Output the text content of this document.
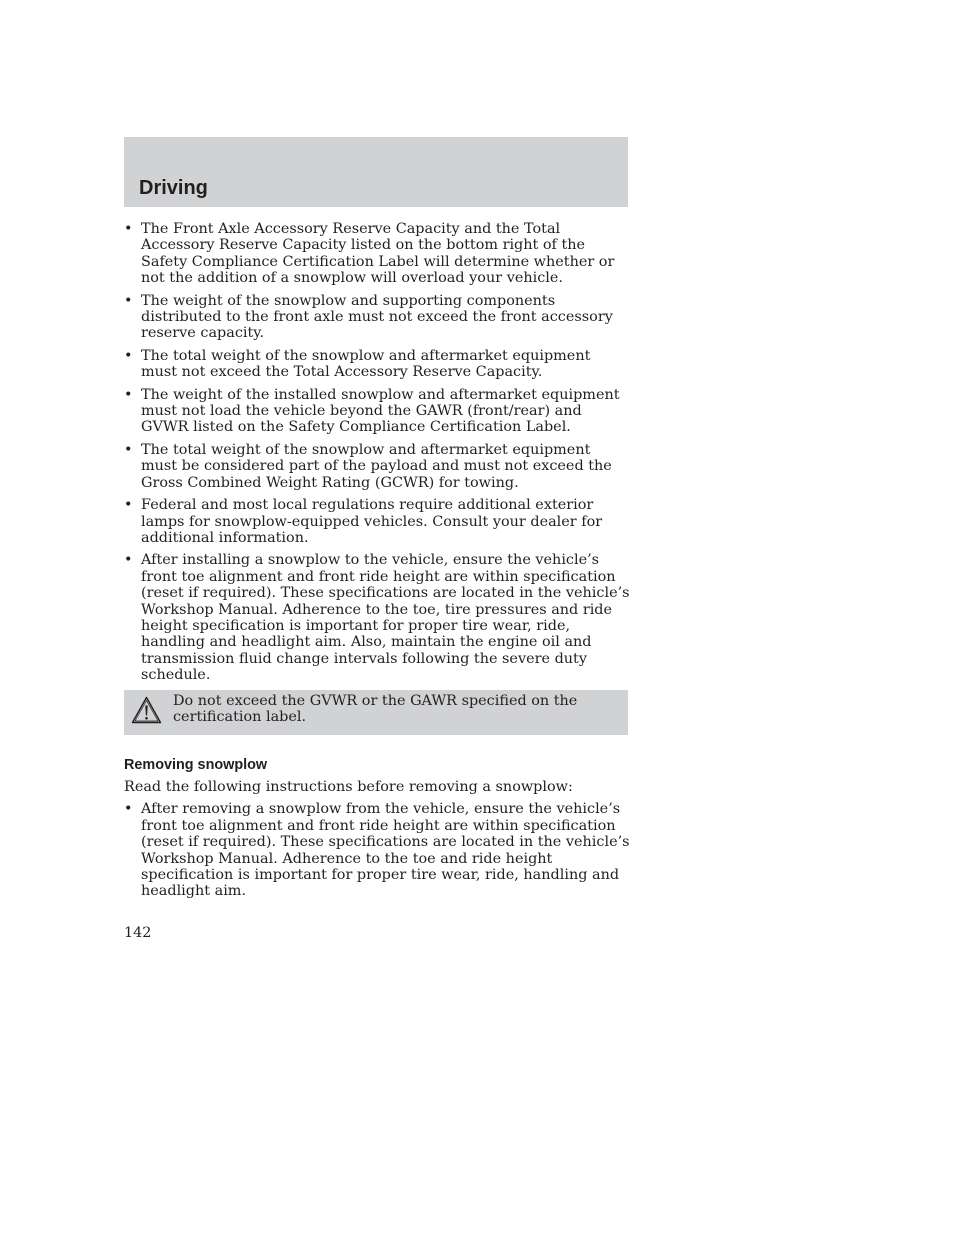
Driving
• The Front Axle Accessory Reserve Capacity and the Total Accessory Reserve Capacity listed on the bottom right of the Safety Compliance Certification Label will determine whether or not the addition of a snowplow will overload your vehicle.
• The weight of the snowplow and supporting components distributed to the front axle must not exceed the front accessory reserve capacity.
• The total weight of the snowplow and aftermarket equipment must not exceed the Total Accessory Reserve Capacity.
• The weight of the installed snowplow and aftermarket equipment must not load the vehicle beyond the GAWR (front/rear) and GVWR listed on the Safety Compliance Certification Label.
• The total weight of the snowplow and aftermarket equipment must be considered part of the payload and must not exceed the Gross Combined Weight Rating (GCWR) for towing.
• Federal and most local regulations require additional exterior lamps for snowplow-equipped vehicles. Consult your dealer for additional information.
• After installing a snowplow to the vehicle, ensure the vehicle’s front toe alignment and front ride height are within specification (reset if required). These specifications are located in the vehicle’s Workshop Manual. Adherence to the toe, tire pressures and ride height specification is important for proper tire wear, ride, handling and headlight aim. Also, maintain the engine oil and transmission fluid change intervals following the severe duty schedule.
Do not exceed the GVWR or the GAWR specified on the certification label.
Removing snowplow

Read the following instructions before removing a snowplow:

• After removing a snowplow from the vehicle, ensure the vehicle’s front toe alignment and front ride height are within specification (reset if required). These specifications are located in the vehicle’s Workshop Manual. Adherence to the toe and ride height specification is important for proper tire wear, ride, handling and headlight aim.
142
